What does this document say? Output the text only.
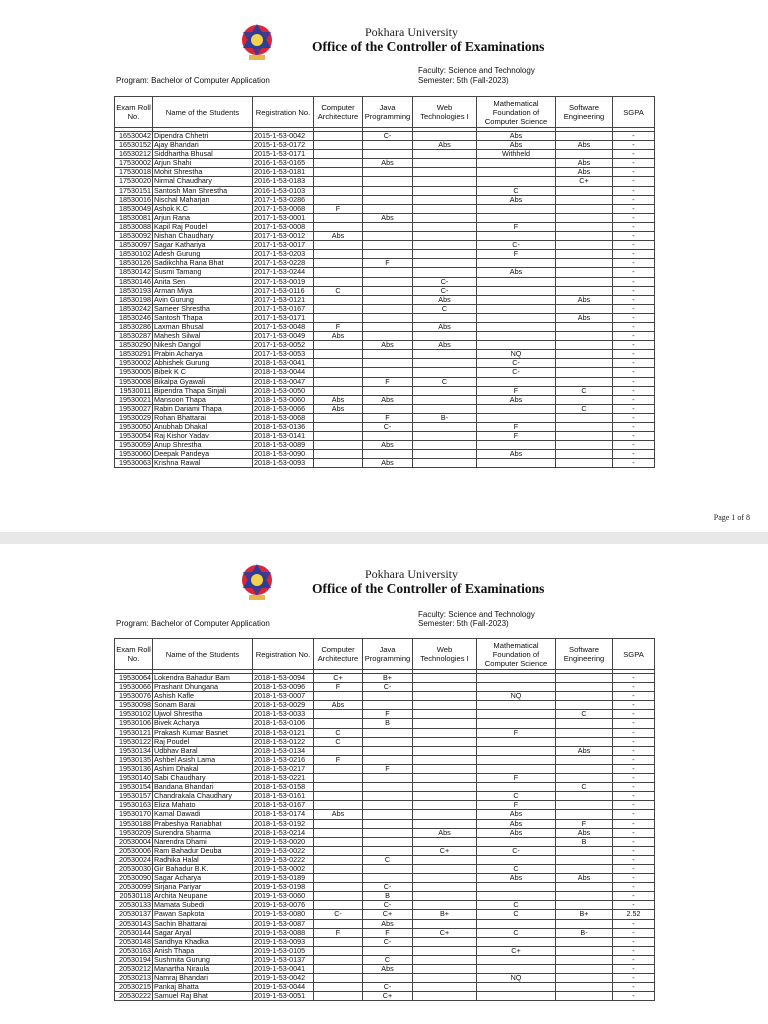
Pokhara University
Office of the Controller of Examinations
Faculty: Science and Technology
Program: Bachelor of Computer Application	Semester: 5th (Fall-2023)
Exam Roll No.	Name of the Students	Registration No.	Computer Architecture	Java Programming	Web Technologies I	Mathematical Foundation of Computer Science	Software Engineering	SGPA

16530042	Dipendra Chhetri	2015-1-53-0042		C-		Abs		-
16530152	Ajay Bhandari	2015-1-53-0172			Abs	Abs	Abs	-
16530212	Siddhartha Bhusal	2015-1-53-0171				Withheld		-
17530002	Arjun Shahi	2016-1-53-0165		Abs			Abs	-
17530018	Mohit Shrestha	2016-1-53-0181					Abs	-
17530020	Nirmal Chaudhary	2016-1-53-0183					C+	-
17530151	Santosh Man Shrestha	2016-1-53-0103				C		-
18530016	Nischal Maharjan	2017-1-53-0286				Abs		-
18530049	Ashok K.C	2017-1-53-0068	F					-
18530081	Arjun Rana	2017-1-53-0001		Abs				-
18530088	Kapil Raj Poudel	2017-1-53-0008				F		-
18530092	Nishan Chaudhary	2017-1-53-0012	Abs					-
18530097	Sagar Kathariya	2017-1-53-0017				C-		-
18530102	Adesh Gurung	2017-1-53-0203				F		-
18530126	Sadikchha Rana Bhat	2017-1-53-0228		F				-
18530142	Susmi Tamang	2017-1-53-0244				Abs		-
18530146	Anita Sen	2017-1-53-0019			C-			-
18530193	Arman Miya	2017-1-53-0116	C		C-			-
18530198	Avin Gurung	2017-1-53-0121			Abs		Abs	-
18530242	Sameer Shrestha	2017-1-53-0167			C			-
18530246	Santosh Thapa	2017-1-53-0171					Abs	-
18530286	Laxman Bhusal	2017-1-53-0048	F		Abs			-
18530287	Mahesh Silwal	2017-1-53-0049	Abs					-
18530290	Nikesh Dangol	2017-1-53-0052		Abs	Abs			-
18530291	Prabin Acharya	2017-1-53-0053				NQ		-
19530002	Abhishek Gurung	2018-1-53-0041				C-		-
19530005	Bibek K C	2018-1-53-0044				C-		-
19530008	Bikalpa Gyawali	2018-1-53-0047		F	C			-
19530011	Bipendra Thapa Sinjali	2018-1-53-0050				F	C	-
19530021	Mansoon Thapa	2018-1-53-0060	Abs	Abs		Abs		-
19530027	Rabin Dariami Thapa	2018-1-53-0066	Abs				C	-
19530029	Rohan Bhattarai	2018-1-53-0068		F	B-			-
19530050	Anubhab Dhakal	2018-1-53-0136		C-		F		-
19530054	Raj Kishor Yadav	2018-1-53-0141				F		-
19530059	Anup Shrestha	2018-1-53-0089		Abs				-
19530060	Deepak Pandeya	2018-1-53-0090				Abs		-
19530063	Krishna Rawal	2018-1-53-0093		Abs				-
Page 1 of 8
Pokhara University
Office of the Controller of Examinations
Faculty: Science and Technology
Program: Bachelor of Computer Application	Semester: 5th (Fall-2023)
Exam Roll No.	Name of the Students	Registration No.	Computer Architecture	Java Programming	Web Technologies I	Mathematical Foundation of Computer Science	Software Engineering	SGPA

19530064	Lokendra Bahadur Bam	2018-1-53-0094	C+	B+				-
19530066	Prashant Dhungana	2018-1-53-0096	F	C-				-
19530076	Ashish Kafle	2018-1-53-0007				NQ		-
19530098	Sonam Barai	2018-1-53-0029	Abs					-
19530102	Ujwol Shrestha	2018-1-53-0033		F			C	-
19530106	Bivek Acharya	2018-1-53-0106		B				-
19530121	Prakash Kumar Basnet	2018-1-53-0121	C			F		-
19530122	Raj Poudel	2018-1-53-0122	C					-
19530134	Udbhav Baral	2018-1-53-0134					Abs	-
19530135	Ashbel Asish Lama	2018-1-53-0216	F					-
19530136	Ashim Dhakal	2018-1-53-0217		F				-
19530140	Sabi Chaudhary	2018-1-53-0221				F		-
19530154	Bandana Bhandari	2018-1-53-0158					C	-
19530157	Chandrakala Chaudhary	2018-1-53-0161				C		-
19530163	Eliza Mahato	2018-1-53-0167				F		-
19530170	Kamal Dawadi	2018-1-53-0174	Abs			Abs		-
19530188	Prabeshya Ranabhat	2018-1-53-0192				Abs	F	-
19530209	Surendra Sharma	2018-1-53-0214			Abs	Abs	Abs	-
20530004	Narendra Dhami	2019-1-53-0020					B	-
20530006	Ram Bahadur Deuba	2019-1-53-0022			C+	C-		-
20530024	Radhika Halal	2019-1-53-0222		C				-
20530030	Gir Bahadur B.K.	2019-1-53-0002				C		-
20530090	Sagar Acharya	2019-1-53-0189				Abs	Abs	-
20530099	Sirjana Pariyar	2019-1-53-0198		C-				-
20530118	Archita Neupane	2019-1-53-0060		B				-
20530133	Mamata Subedi	2019-1-53-0076		C-		C		-
20530137	Pawan Sapkota	2019-1-53-0080	C-	C+	B+	C	B+	2.52
20530143	Sachin Bhattarai	2019-1-53-0087		Abs				-
20530144	Sagar Aryal	2019-1-53-0088	F	F	C+	C	B-	-
20530148	Sandhya Khadka	2019-1-53-0093		C-				-
20530163	Anish Thapa	2019-1-53-0105				C+		-
20530194	Sushmita Gurung	2019-1-53-0137		C				-
20530212	Manartha Niraula	2019-1-53-0041		Abs				-
20530213	Namraj Bhandari	2019-1-53-0042				NQ		-
20530215	Pankaj Bhatta	2019-1-53-0044		C-				-
20530222	Samuel Raj Bhat	2019-1-53-0051		C+				-
